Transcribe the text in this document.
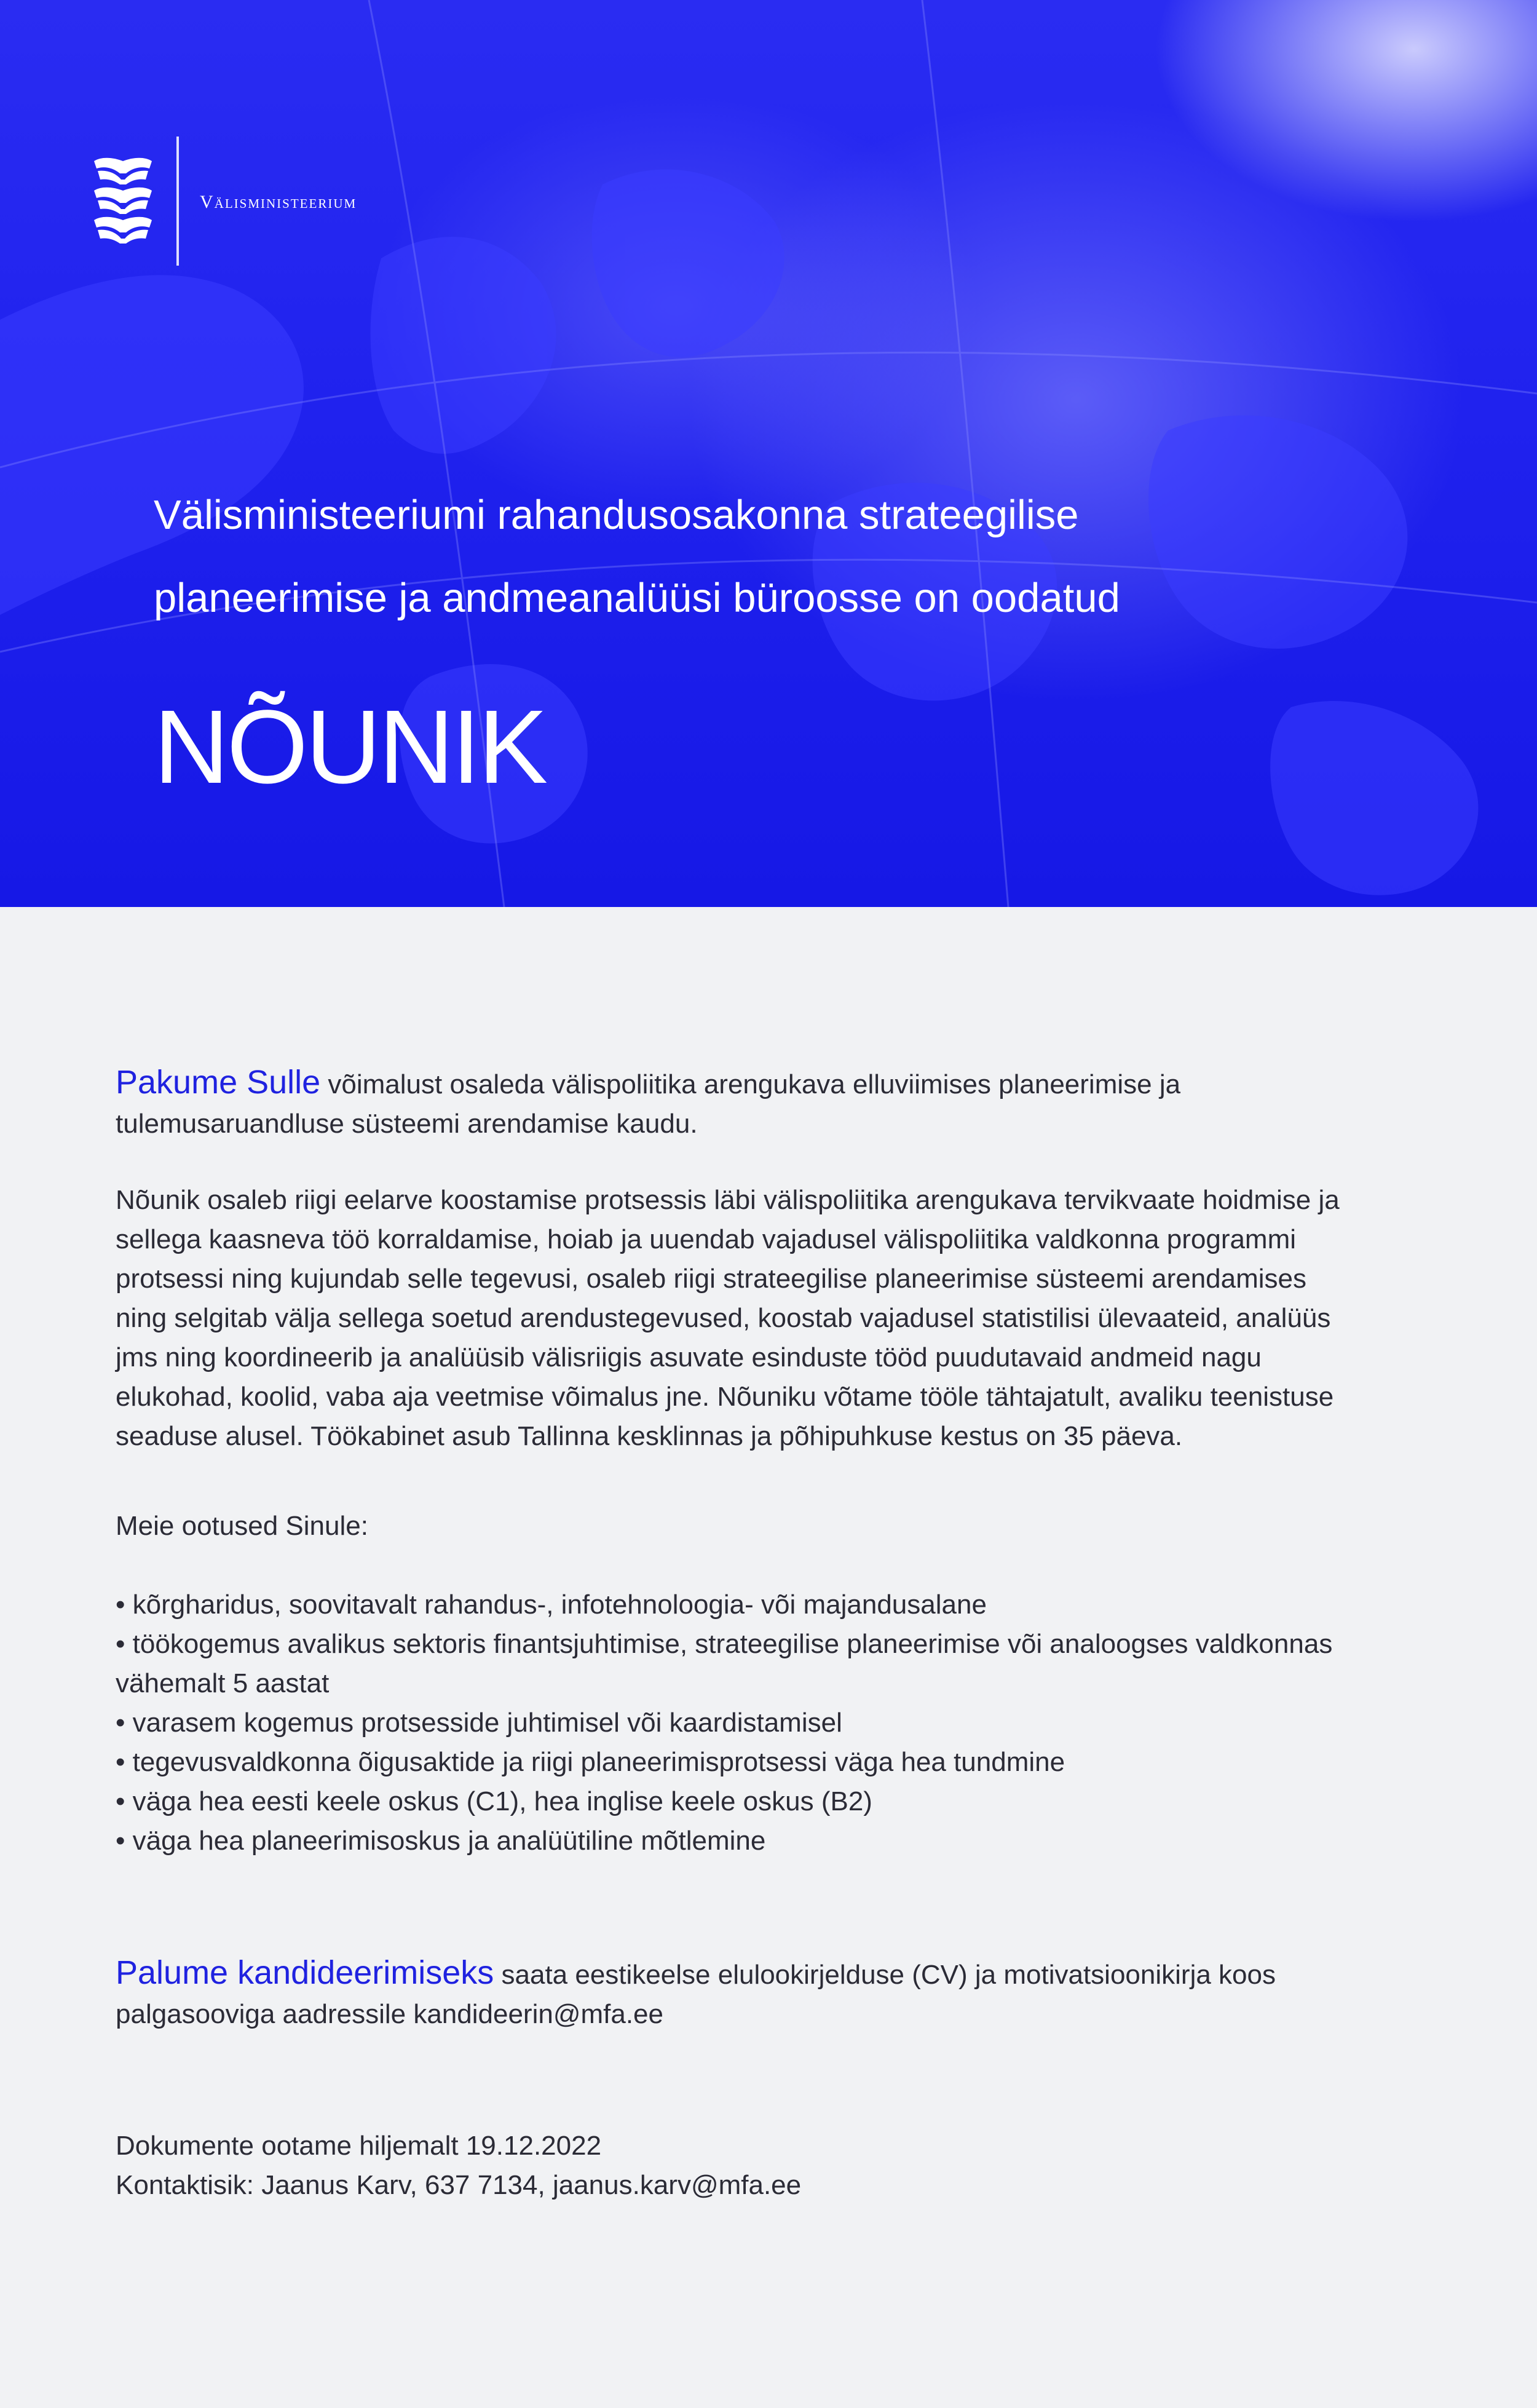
Välisministeerium
Välisministeeriumi rahandusosakonna strateegilise
planeerimise ja andmeanalüüsi büroosse on oodatud
NÕUNIK

Pakume Sulle võimalust osaleda välispoliitika arengukava elluviimises planeerimise ja tulemusaruandluse süsteemi arendamise kaudu.

Nõunik osaleb riigi eelarve koostamise protsessis läbi välispoliitika arengukava tervikvaate hoidmise ja sellega kaasneva töö korraldamise, hoiab ja uuendab vajadusel välispoliitika valdkonna programmi protsessi ning kujundab selle tegevusi, osaleb riigi strateegilise planeerimise süsteemi arendamises ning selgitab välja sellega soetud arendustegevused, koostab vajadusel statistilisi ülevaateid, analüüs jms ning koordineerib ja analüüsib välisriigis asuvate esinduste tööd puudutavaid andmeid nagu elukohad, koolid, vaba aja veetmise võimalus jne. Nõuniku võtame tööle tähtajatult, avaliku teenistuse seaduse alusel. Töökabinet asub Tallinna kesklinnas ja põhipuhkuse kestus on 35 päeva.

Meie ootused Sinule:

• kõrgharidus, soovitavalt rahandus-, infotehnoloogia- või majandusalane
• töökogemus avalikus sektoris finantsjuhtimise, strateegilise planeerimise või analoogses valdkonnas vähemalt 5 aastat
• varasem kogemus protsesside juhtimisel või kaardistamisel
• tegevusvaldkonna õigusaktide ja riigi planeerimisprotsessi väga hea tundmine
• väga hea eesti keele oskus (C1), hea inglise keele oskus (B2)
• väga hea planeerimisoskus ja analüütiline mõtlemine

Palume kandideerimiseks saata eestikeelse elulookirjelduse (CV) ja motivatsioonikirja koos palgasooviga aadressile kandideerin@mfa.ee

Dokumente ootame hiljemalt 19.12.2022

Kontaktisik: Jaanus Karv, 637 7134, jaanus.karv@mfa.ee
